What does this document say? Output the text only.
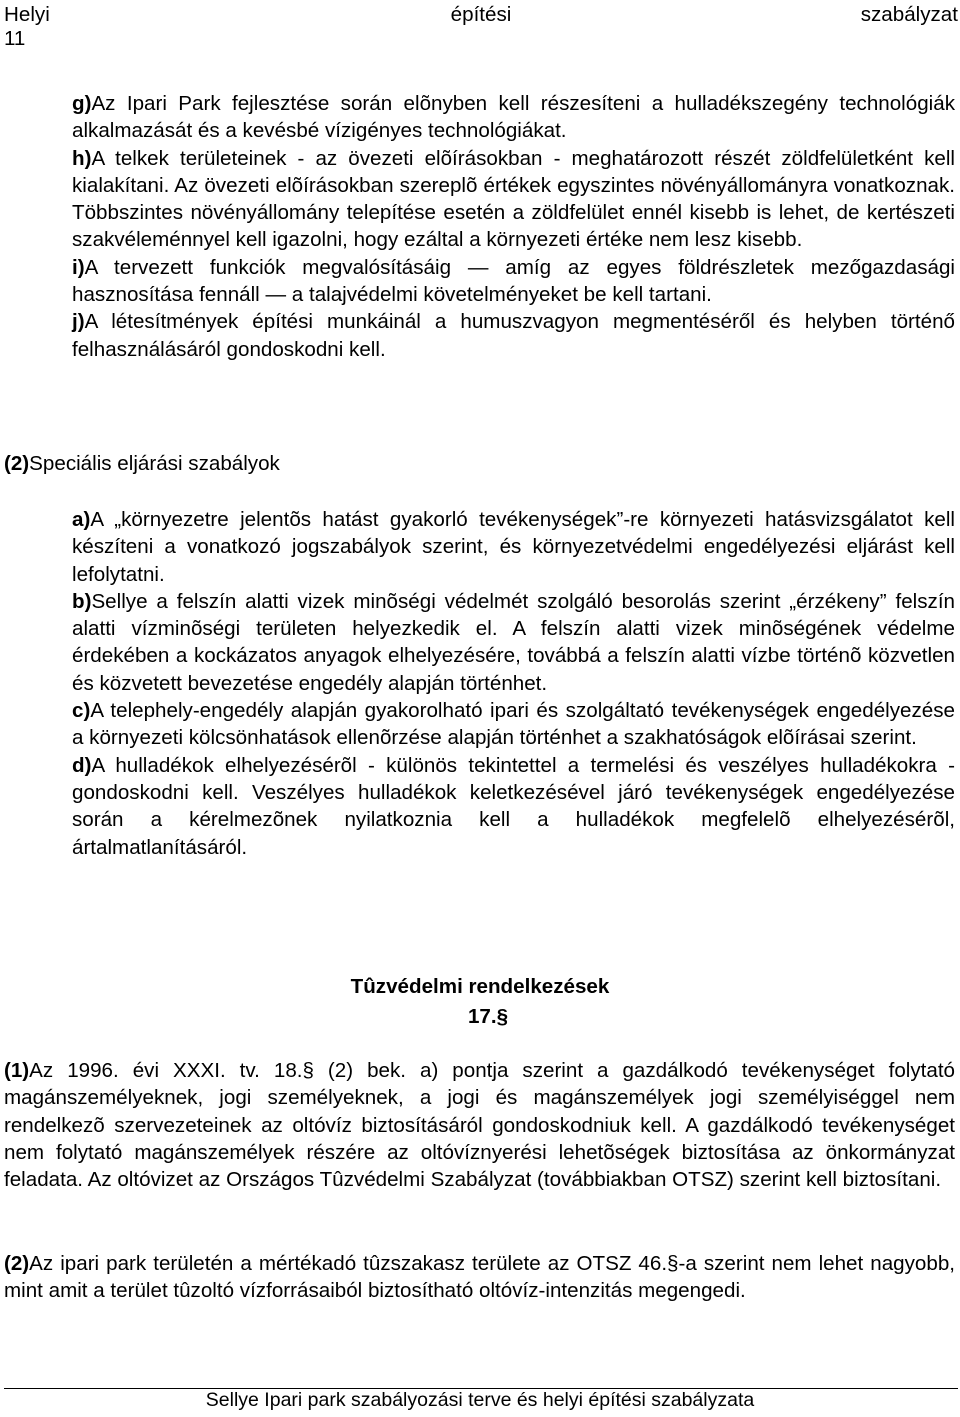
Helyi	építési	szabályzat
11

g)Az Ipari Park fejlesztése során elõnyben kell részesíteni a hulladékszegény technológiák alkalmazását és a kevésbé vízigényes technológiákat.

h)A telkek területeinek - az övezeti elõírásokban - meghatározott részét zöldfelületként kell kialakítani. Az övezeti elõírásokban szereplõ értékek egyszintes növényállományra vonatkoznak. Többszintes növényállomány telepítése esetén a zöldfelület ennél kisebb is lehet, de kertészeti szakvéleménnyel kell igazolni, hogy ezáltal a környezeti értéke nem lesz kisebb.

i)A tervezett funkciók megvalósításáig — amíg az egyes földrészletek mezőgazdasági hasznosítása fennáll — a talajvédelmi követelményeket be kell tartani.

j)A létesítmények építési munkáinál a humuszvagyon megmentéséről és helyben történő felhasználásáról gondoskodni kell.

(2)Speciális eljárási szabályok

a)A „környezetre jelentõs hatást gyakorló tevékenységek”-re környezeti hatásvizsgálatot kell készíteni a vonatkozó jogszabályok szerint, és környezetvédelmi engedélyezési eljárást kell lefolytatni.

b)Sellye a felszín alatti vizek minõségi védelmét szolgáló besorolás szerint „érzékeny” felszín alatti vízminõségi területen helyezkedik el. A felszín alatti vizek minõségének védelme érdekében a kockázatos anyagok elhelyezésére, továbbá a felszín alatti vízbe történõ közvetlen és közvetett bevezetése engedély alapján történhet.

c)A telephely-engedély alapján gyakorolható ipari és szolgáltató tevékenységek engedélyezése a környezeti kölcsönhatások ellenõrzése alapján történhet a szakhatóságok elõírásai szerint.

d)A hulladékok elhelyezésérõl - különös tekintettel a termelési és veszélyes hulladékokra - gondoskodni kell. Veszélyes hulladékok keletkezésével járó tevékenységek engedélyezése során a kérelmezõnek nyilatkoznia kell a hulladékok megfelelõ elhelyezésérõl, ártalmatlanításáról.

Tûzvédelmi rendelkezések
17.§

(1)Az 1996. évi XXXI. tv. 18.§ (2) bek. a) pontja szerint a gazdálkodó tevékenységet folytató magánszemélyeknek, jogi személyeknek, a jogi és magánszemélyek jogi személyiséggel nem rendelkezõ szervezeteinek az oltóvíz biztosításáról gondoskodniuk kell. A gazdálkodó tevékenységet nem folytató magánszemélyek részére az oltóvíznyerési lehetõségek biztosítása az önkormányzat feladata. Az oltóvizet az Országos Tûzvédelmi Szabályzat (továbbiakban OTSZ) szerint kell biztosítani.

(2)Az ipari park területén a mértékadó tûzszakasz területe az OTSZ 46.§-a szerint nem lehet nagyobb, mint amit a terület tûzoltó vízforrásaiból biztosítható oltóvíz-intenzitás megengedi.

Sellye Ipari park szabályozási terve és helyi építési szabályzata
